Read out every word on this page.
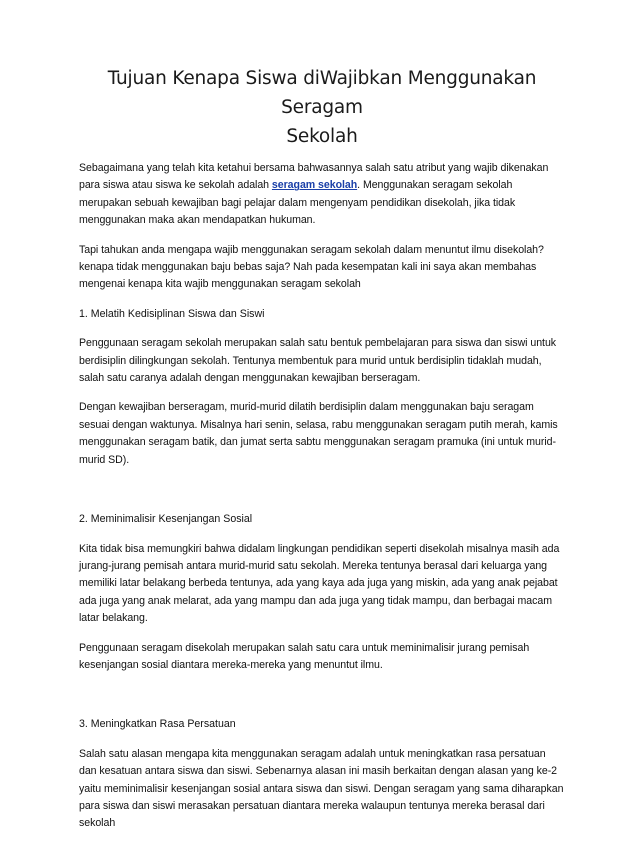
Tujuan Kenapa Siswa diWajibkan Menggunakan Seragam
Sekolah

Sebagaimana yang telah kita ketahui bersama bahwasannya salah satu atribut yang wajib dikenakan para siswa atau siswa ke sekolah adalah seragam sekolah. Menggunakan seragam sekolah merupakan sebuah kewajiban bagi pelajar dalam mengenyam pendidikan disekolah, jika tidak menggunakan maka akan mendapatkan hukuman.

Tapi tahukan anda mengapa wajib menggunakan seragam sekolah dalam menuntut ilmu disekolah? kenapa tidak menggunakan baju bebas saja? Nah pada kesempatan kali ini saya akan membahas mengenai kenapa kita wajib menggunakan seragam sekolah

1. Melatih Kedisiplinan Siswa dan Siswi

Penggunaan seragam sekolah merupakan salah satu bentuk pembelajaran para siswa dan siswi untuk berdisiplin dilingkungan sekolah. Tentunya membentuk para murid untuk berdisiplin tidaklah mudah, salah satu caranya adalah dengan menggunakan kewajiban berseragam.

Dengan kewajiban berseragam, murid-murid dilatih berdisiplin dalam menggunakan baju seragam sesuai dengan waktunya. Misalnya hari senin, selasa, rabu menggunakan seragam putih merah, kamis menggunakan seragam batik, dan jumat serta sabtu menggunakan seragam pramuka (ini untuk murid-murid SD).

2. Meminimalisir Kesenjangan Sosial

Kita tidak bisa memungkiri bahwa didalam lingkungan pendidikan seperti disekolah misalnya masih ada jurang-jurang pemisah antara murid-murid satu sekolah. Mereka tentunya berasal dari keluarga yang memiliki latar belakang berbeda tentunya, ada yang kaya ada juga yang miskin, ada yang anak pejabat ada juga yang anak melarat, ada yang mampu dan ada juga yang tidak mampu, dan berbagai macam latar belakang.

Penggunaan seragam disekolah merupakan salah satu cara untuk meminimalisir jurang pemisah kesenjangan sosial diantara mereka-mereka yang menuntut ilmu.

3. Meningkatkan Rasa Persatuan

Salah satu alasan mengapa kita menggunakan seragam adalah untuk meningkatkan rasa persatuan dan kesatuan antara siswa dan siswi. Sebenarnya alasan ini masih berkaitan dengan alasan yang ke-2 yaitu meminimalisir kesenjangan sosial antara siswa dan siswi. Dengan seragam yang sama diharapkan para siswa dan siswi merasakan persatuan diantara mereka walaupun tentunya mereka berasal dari sekolah
